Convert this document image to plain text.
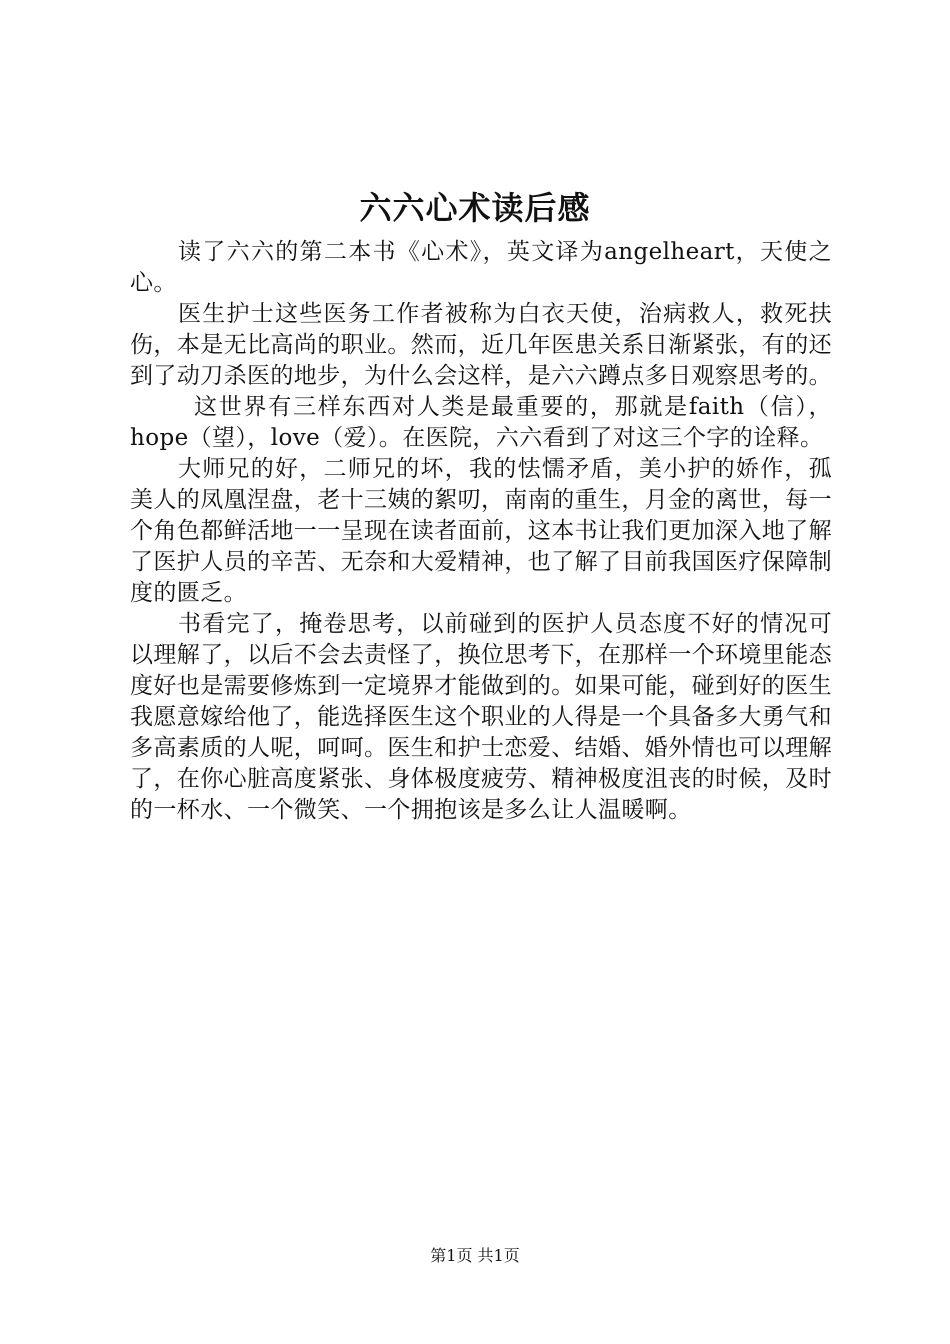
六六心术读后感

读了六六的第二本书《心术》，英文译为angelheart，天使之心。

医生护士这些医务工作者被称为白衣天使，治病救人，救死扶伤，本是无比高尚的职业。然而，近几年医患关系日渐紧张，有的还到了动刀杀医的地步，为什么会这样，是六六蹲点多日观察思考的。

这世界有三样东西对人类是最重要的，那就是faith（信），hope（望），love（爱）。在医院，六六看到了对这三个字的诠释。

大师兄的好，二师兄的坏，我的怯懦矛盾，美小护的娇作，孤美人的凤凰涅盘，老十三姨的絮叨，南南的重生，月金的离世，每一个角色都鲜活地一一呈现在读者面前，这本书让我们更加深入地了解了医护人员的辛苦、无奈和大爱精神，也了解了目前我国医疗保障制度的匮乏。

书看完了，掩卷思考，以前碰到的医护人员态度不好的情况可以理解了，以后不会去责怪了，换位思考下，在那样一个环境里能态度好也是需要修炼到一定境界才能做到的。如果可能，碰到好的医生我愿意嫁给他了，能选择医生这个职业的人得是一个具备多大勇气和多高素质的人呢，呵呵。医生和护士恋爱、结婚、婚外情也可以理解了，在你心脏高度紧张、身体极度疲劳、精神极度沮丧的时候，及时的一杯水、一个微笑、一个拥抱该是多么让人温暖啊。

第1页 共1页
